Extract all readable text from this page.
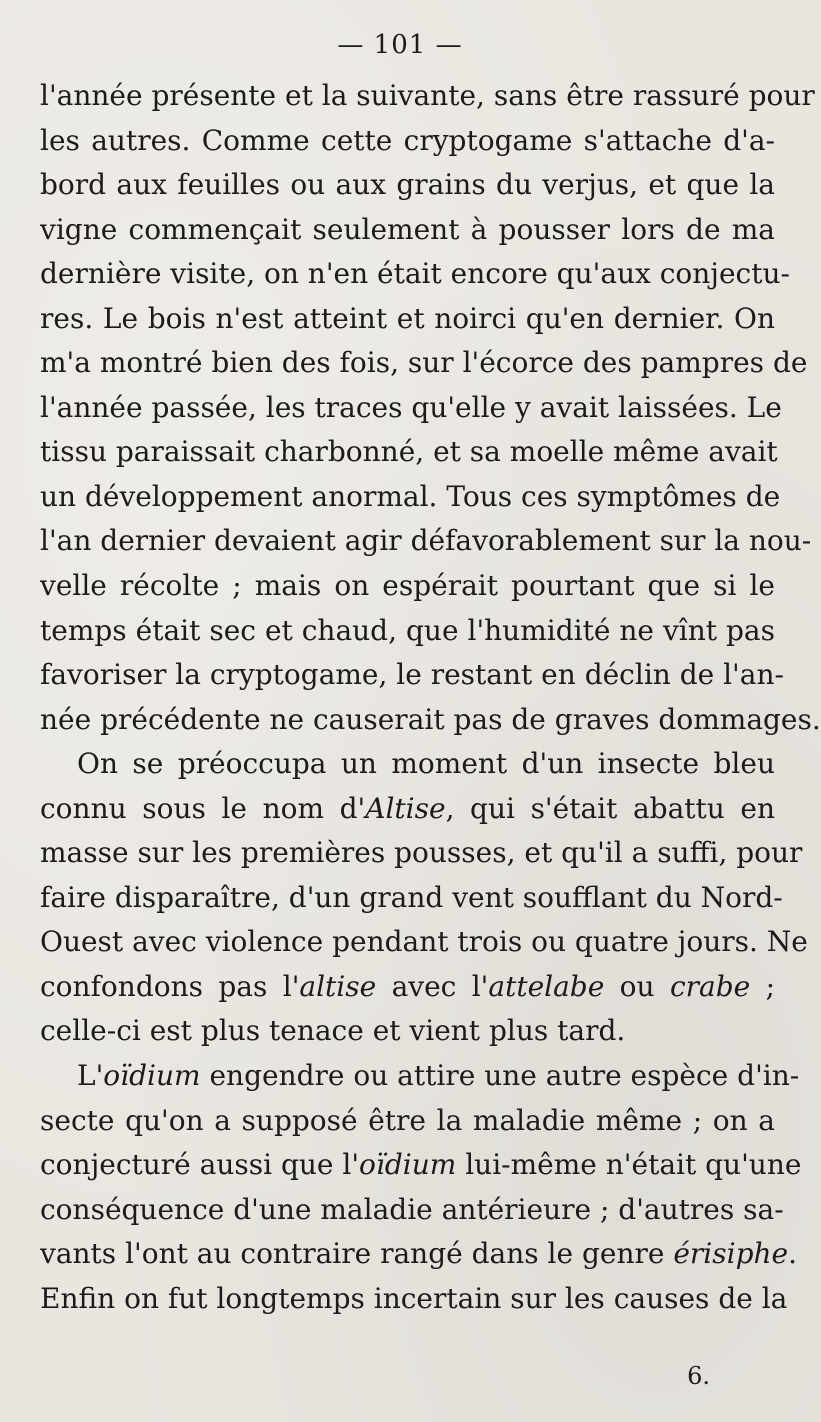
— 101 —
l'année présente et la suivante, sans être rassuré pour
les autres. Comme cette cryptogame s'attache d'a-
bord aux feuilles ou aux grains du verjus, et que la
vigne commençait seulement à pousser lors de ma
dernière visite, on n'en était encore qu'aux conjectu-
res. Le bois n'est atteint et noirci qu'en dernier. On
m'a montré bien des fois, sur l'écorce des pampres de
l'année passée, les traces qu'elle y avait laissées. Le
tissu paraissait charbonné, et sa moelle même avait
un développement anormal. Tous ces symptômes de
l'an dernier devaient agir défavorablement sur la nou-
velle récolte ; mais on espérait pourtant que si le
temps était sec et chaud, que l'humidité ne vînt pas
favoriser la cryptogame, le restant en déclin de l'an-
née précédente ne causerait pas de graves dommages.
On se préoccupa un moment d'un insecte bleu
connu sous le nom d'Altise, qui s'était abattu en
masse sur les premières pousses, et qu'il a suffi, pour
faire disparaître, d'un grand vent soufflant du Nord-
Ouest avec violence pendant trois ou quatre jours. Ne
confondons pas l'altise avec l'attelabe ou crabe ;
celle-ci est plus tenace et vient plus tard.
L'oïdium engendre ou attire une autre espèce d'in-
secte qu'on a supposé être la maladie même ; on a
conjecturé aussi que l'oïdium lui-même n'était qu'une
conséquence d'une maladie antérieure ; d'autres sa-
vants l'ont au contraire rangé dans le genre érisiphe.
Enfin on fut longtemps incertain sur les causes de la
6.
